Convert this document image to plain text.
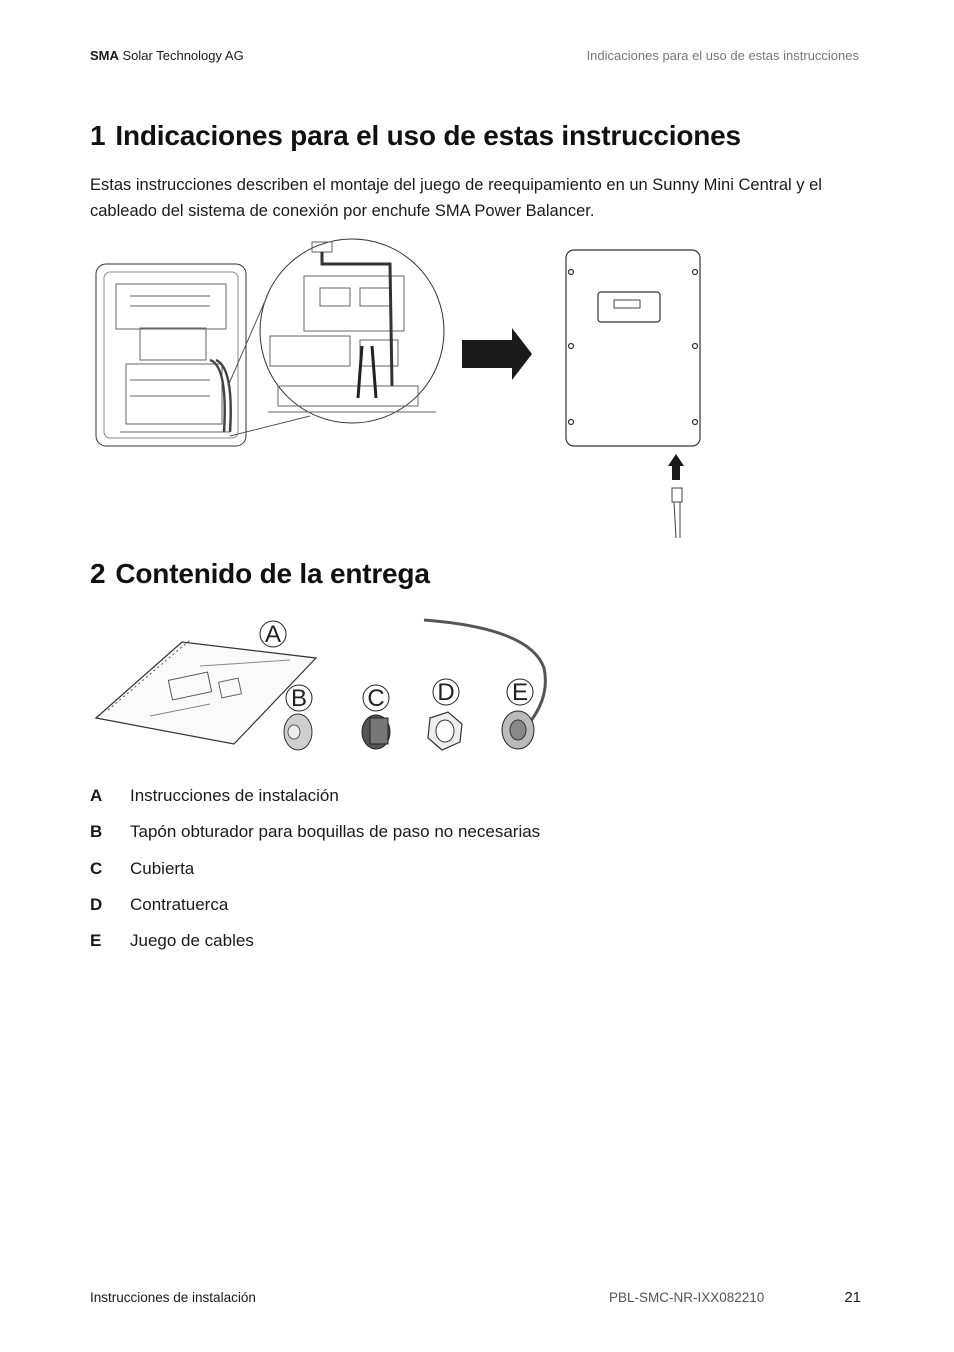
SMA Solar Technology AG	Indicaciones para el uso de estas instrucciones
1 Indicaciones para el uso de estas instrucciones
Estas instrucciones describen el montaje del juego de reequipamiento en un Sunny Mini Central y el cableado del sistema de conexión por enchufe SMA Power Balancer.
2 Contenido de la entrega
A
B	C D E
A	Instrucciones de instalación
B	Tapón obturador para boquillas de paso no necesarias
C	Cubierta
D	Contratuerca
E	Juego de cables
Instrucciones de instalación	PBL-SMC-NR-IXX082210	21
